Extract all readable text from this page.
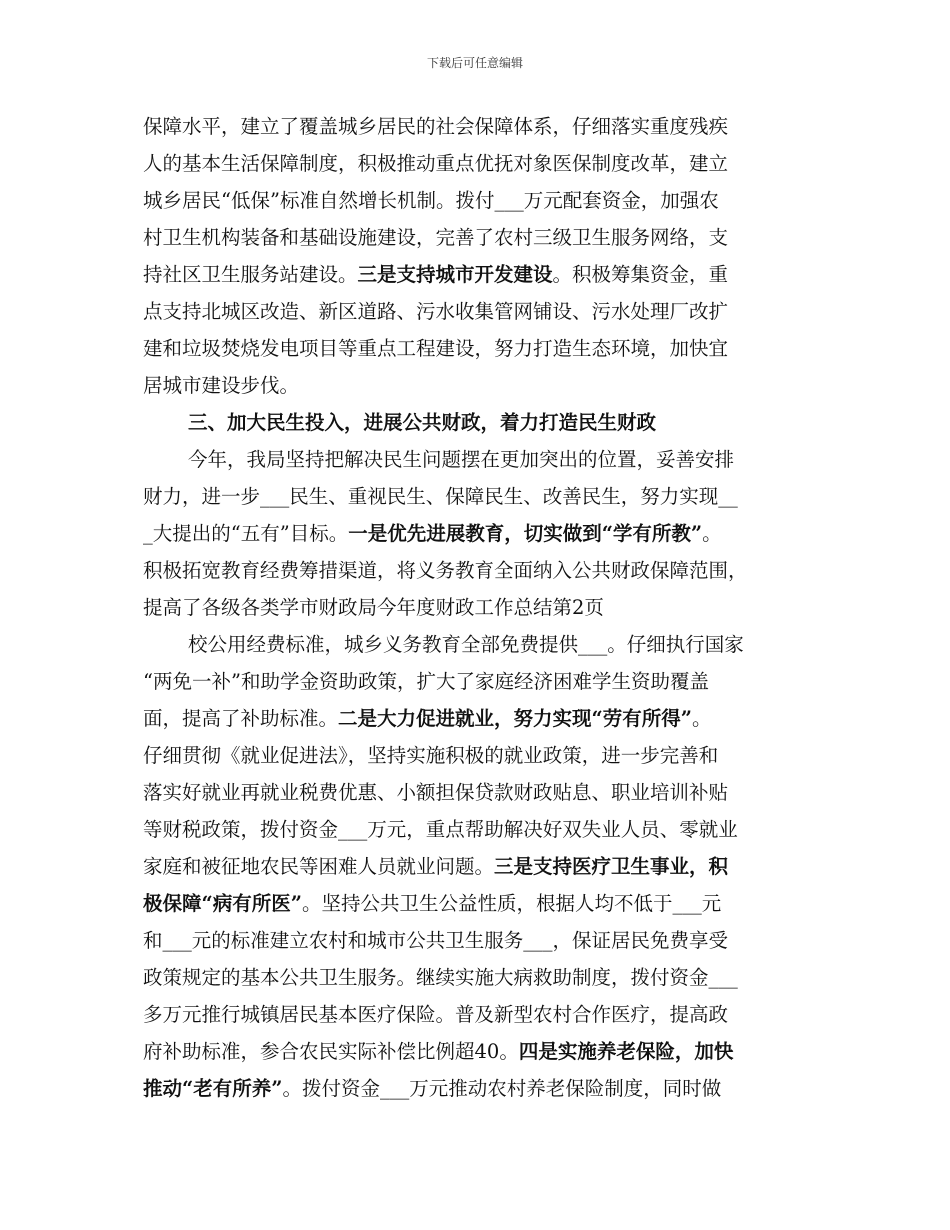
下载后可任意编辑
保障水平，建立了覆盖城乡居民的社会保障体系，仔细落实重度残疾
人的基本生活保障制度，积极推动重点优抚对象医保制度改革，建立
城乡居民“低保”标准自然增长机制。拨付___万元配套资金，加强农
村卫生机构装备和基础设施建设，完善了农村三级卫生服务网络，支
持社区卫生服务站建设。三是支持城市开发建设。积极筹集资金，重
点支持北城区改造、新区道路、污水收集管网铺设、污水处理厂改扩
建和垃圾焚烧发电项目等重点工程建设，努力打造生态环境，加快宜
居城市建设步伐。
三、加大民生投入，进展公共财政，着力打造民生财政
今年，我局坚持把解决民生问题摆在更加突出的位置，妥善安排
财力，进一步___民生、重视民生、保障民生、改善民生，努力实现__
_大提出的“五有”目标。一是优先进展教育，切实做到“学有所教”。
积极拓宽教育经费筹措渠道，将义务教育全面纳入公共财政保障范围，
提高了各级各类学市财政局今年度财政工作总结第2页
校公用经费标准，城乡义务教育全部免费提供___。仔细执行国家
“两免一补”和助学金资助政策，扩大了家庭经济困难学生资助覆盖
面，提高了补助标准。二是大力促进就业，努力实现“劳有所得”。
仔细贯彻《就业促进法》，坚持实施积极的就业政策，进一步完善和
落实好就业再就业税费优惠、小额担保贷款财政贴息、职业培训补贴
等财税政策，拨付资金___万元，重点帮助解决好双失业人员、零就业
家庭和被征地农民等困难人员就业问题。三是支持医疗卫生事业，积
极保障“病有所医”。坚持公共卫生公益性质，根据人均不低于___元
和___元的标准建立农村和城市公共卫生服务___，保证居民免费享受
政策规定的基本公共卫生服务。继续实施大病救助制度，拨付资金___
多万元推行城镇居民基本医疗保险。普及新型农村合作医疗，提高政
府补助标准，参合农民实际补偿比例超40。四是实施养老保险，加快
推动“老有所养”。拨付资金___万元推动农村养老保险制度，同时做
